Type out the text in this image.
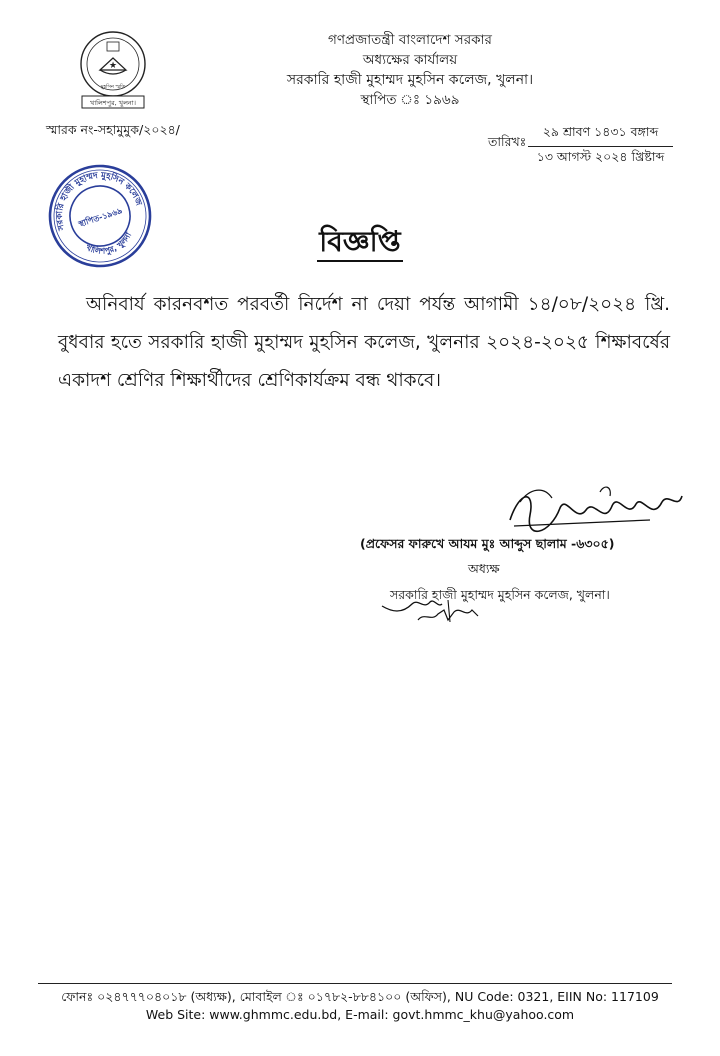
★
মুহসিন স্মৃতি
খালিশপুর, খুলনা।
গণপ্রজাতন্ত্রী বাংলাদেশ সরকার
অধ্যক্ষের কার্যালয়
সরকারি হাজী মুহাম্মদ মুহসিন কলেজ, খুলনা।
স্থাপিত ঃ ১৯৬৯
স্মারক নং-সহামুমুক/২০২৪/
তারিখঃ
২৯ শ্রাবণ ১৪৩১ বঙ্গাব্দ
১৩ আগস্ট ২০২৪ খ্রিষ্টাব্দ
সরকারি হাজী মুহাম্মদ মুহসিন কলেজ
খালিশপুর, খুলনা
স্থাপিত-১৯৬৯
বিজ্ঞপ্তি
অনিবার্য কারনবশত পরবর্তী নির্দেশ না দেয়া পর্যন্ত আগামী ১৪/০৮/২০২৪ খ্রি. বুধবার হতে সরকারি হাজী মুহাম্মদ মুহসিন কলেজ, খুলনার ২০২৪-২০২৫ শিক্ষাবর্ষের একাদশ শ্রেণির শিক্ষার্থীদের শ্রেণিকার্যক্রম বন্ধ থাকবে।
(প্রফেসর ফারুখে আযম মুঃ আব্দুস ছালাম -৬৩০৫)
অধ্যক্ষ
সরকারি হাজী মুহাম্মদ মুহসিন কলেজ, খুলনা।
ফোনঃ ০২৪৭৭৭০৪০১৮ (অধ্যক্ষ), মোবাইল ঃ ০১৭৮২-৮৮৪১০০ (অফিস), NU Code: 0321, EIIN No: 117109
Web Site: www.ghmmc.edu.bd, E-mail: govt.hmmc_khu@yahoo.com
